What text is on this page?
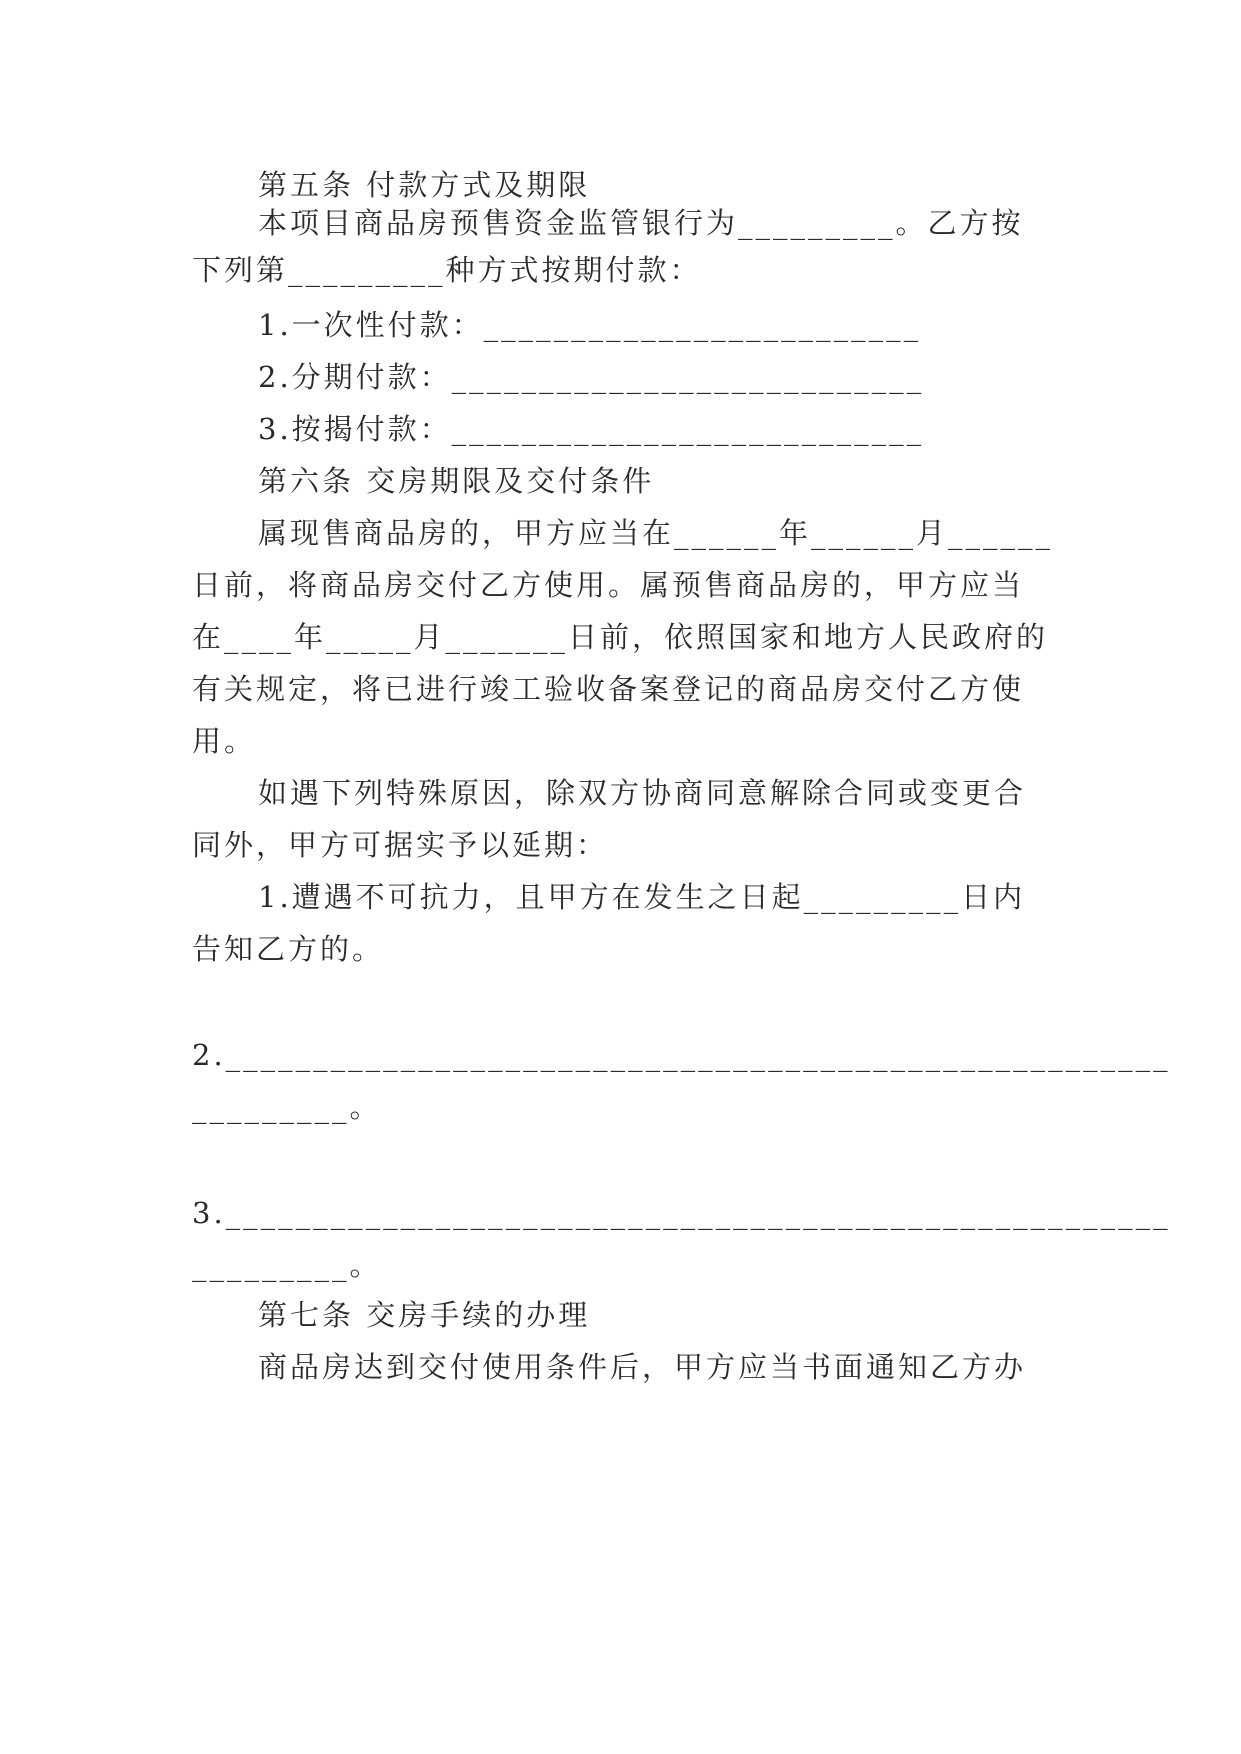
第五条 付款方式及期限
本项目商品房预售资金监管银行为_________。乙方按
下列第_________种方式按期付款：
1.一次性付款：_________________________
2.分期付款：___________________________
3.按揭付款：___________________________
第六条 交房期限及交付条件
属现售商品房的，甲方应当在______年______月______
日前，将商品房交付乙方使用。属预售商品房的，甲方应当
在____年_____月_______日前，依照国家和地方人民政府的
有关规定，将已进行竣工验收备案登记的商品房交付乙方使
用。
如遇下列特殊原因，除双方协商同意解除合同或变更合
同外，甲方可据实予以延期：
1.遭遇不可抗力，且甲方在发生之日起_________日内
告知乙方的。
2.______________________________________________________
_________。
3.______________________________________________________
_________。
第七条 交房手续的办理
商品房达到交付使用条件后，甲方应当书面通知乙方办
